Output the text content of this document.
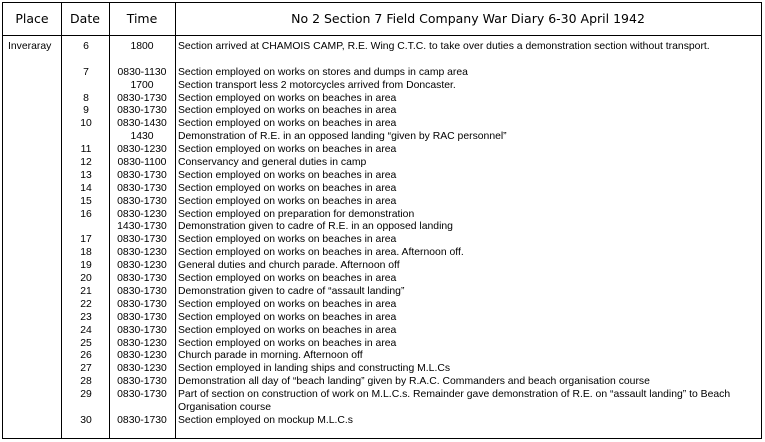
Place	Date	Time	No 2 Section 7 Field Company War Diary 6-30 April 1942
Inveraray	6	1800	Section arrived at CHAMOIS CAMP, R.E. Wing C.T.C. to take over duties a demonstration section without transport.
7	0830-1130	Section employed on works on stores and dumps in camp area
1700	Section transport less 2 motorcycles arrived from Doncaster.
8	0830-1730	Section employed on works on beaches in area
9	0830-1730	Section employed on works on beaches in area
10	0830-1430	Section employed on works on beaches in area
1430	Demonstration of R.E. in an opposed landing “given by RAC personnel”
11	0830-1230	Section employed on works on beaches in area
12	0830-1100	Conservancy and general duties in camp
13	0830-1730	Section employed on works on beaches in area
14	0830-1730	Section employed on works on beaches in area
15	0830-1730	Section employed on works on beaches in area
16	0830-1230	Section employed on preparation for demonstration
1430-1730	Demonstration given to cadre of R.E. in an opposed landing
17	0830-1730	Section employed on works on beaches in area
18	0830-1230	Section employed on works on beaches in area. Afternoon off.
19	0830-1230	General duties and church parade. Afternoon off
20	0830-1730	Section employed on works on beaches in area
21	0830-1730	Demonstration given to cadre of “assault landing”
22	0830-1730	Section employed on works on beaches in area
23	0830-1730	Section employed on works on beaches in area
24	0830-1730	Section employed on works on beaches in area
25	0830-1230	Section employed on works on beaches in area
26	0830-1230	Church parade in morning. Afternoon off
27	0830-1230	Section employed in landing ships and constructing M.L.Cs
28	0830-1730	Demonstration all day of “beach landing” given by R.A.C. Commanders and beach organisation course
29	0830-1730	Part of section on construction of work on M.L.C.s. Remainder gave demonstration of R.E. on “assault landing” to Beach Organisation course
30	0830-1730	Section employed on mockup M.L.C.s
